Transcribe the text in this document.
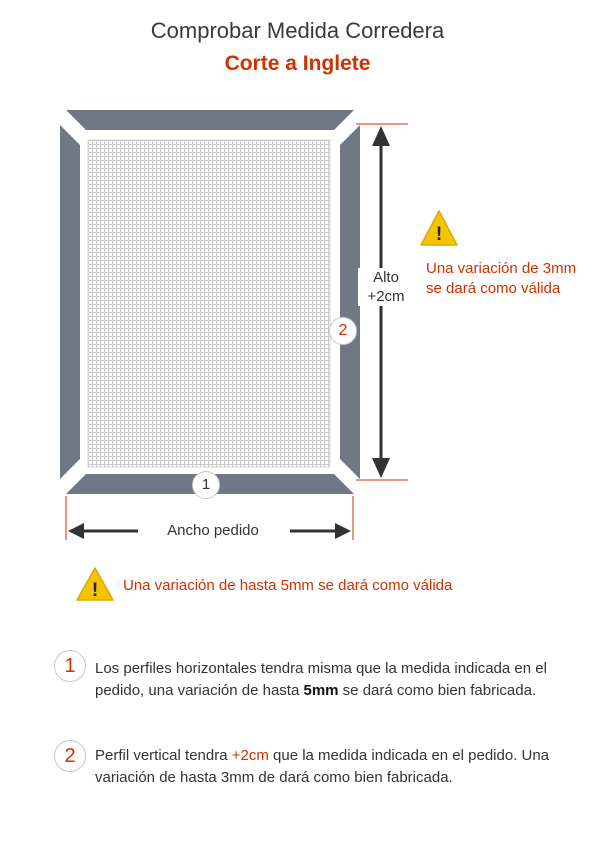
Comprobar Medida Corredera
Corte a Inglete
!
!
2
1
Alto
+2cm
Ancho pedido
Una variación de 3mm se dará como válida
Una variación de hasta 5mm se dará como válida
1	Los perfiles horizontales tendra misma que la medida indicada en el pedido, una variación de hasta 5mm se dará como bien fabricada.
2	Perfil vertical tendra +2cm que la medida indicada en el pedido. Una variación de hasta 3mm de dará como bien fabricada.
